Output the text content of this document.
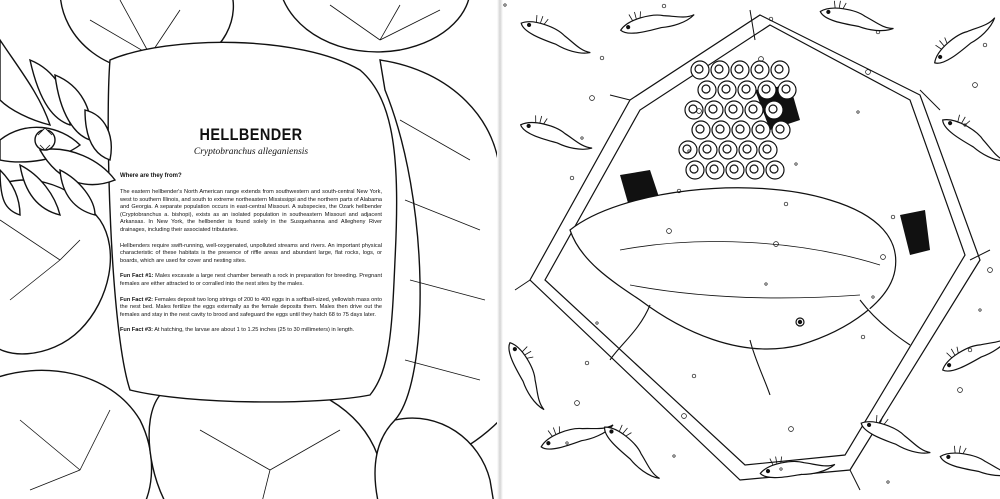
HELLBENDER
Cryptobranchus alleganiensis
Where are they from?

The eastern hellbender's North American range extends from southwestern and south-central New York, west to southern Illinois, and south to extreme northeastern Mississippi and the northern parts of Alabama and Georgia. A separate population occurs in east-central Missouri. A subspecies, the Ozark hellbender (Cryptobranchus a. bishopi), exists as an isolated population in southeastern Missouri and adjacent Arkansas. In New York, the hellbender is found solely in the Susquehanna and Allegheny River drainages, including their associated tributaries.

Hellbenders require swift-running, well-oxygenated, unpolluted streams and rivers. An important physical characteristic of these habitats is the presence of riffle areas and abundant large, flat rocks, logs, or boards, which are used for cover and nesting sites.

Fun Fact #1: Males excavate a large nest chamber beneath a rock in preparation for breeding. Pregnant females are either attracted to or corralled into the nest sites by the males.

Fun Fact #2: Females deposit two long strings of 200 to 400 eggs in a softball-sized, yellowish mass onto the nest bed. Males fertilize the eggs externally as the female deposits them. Males then drive out the females and stay in the nest cavity to brood and safeguard the eggs until they hatch 68 to 75 days later.

Fun Fact #3: At hatching, the larvae are about 1 to 1.25 inches (25 to 30 millimeters) in length.
